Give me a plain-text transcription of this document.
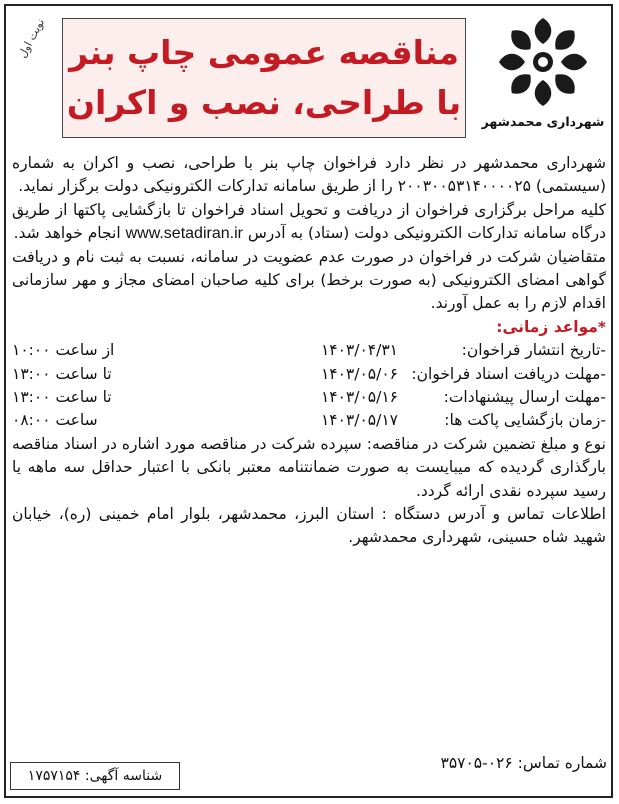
نوبت اول مناقصه عمومی چاپ بنر
با طراحی، نصب و اکران شهرداری محمدشهر

شهرداری محمدشهر در نظر دارد فراخوان چاپ بنر با طراحی، نصب و اکران به شماره (سیستمی) ۲۰۰۳۰۰۵۳۱۴۰۰۰۰۲۵ را از طریق سامانه تدارکات الکترونیکی دولت برگزار نماید.

کلیه مراحل برگزاری فراخوان از دریافت و تحویل اسناد فراخوان تا بازگشایی پاکتها از طریق درگاه سامانه تدارکات الکترونیکی دولت (ستاد) به آدرس www.setadiran.ir انجام خواهد شد.

متقاضیان شرکت در فراخوان در صورت عدم عضویت در سامانه، نسبت به ثبت نام و دریافت گواهی امضای الکترونیکی (به صورت برخط) برای کلیه صاحبان امضای مجاز و مهر سازمانی اقدام لازم را به عمل آورند.

*مواعد زمانی:
-تاریخ انتشار فراخوان:
۱۴۰۳/۰۴/۳۱
از ساعت ۱۰:۰۰
-مهلت دریافت اسناد فراخوان:
۱۴۰۳/۰۵/۰۶
تا ساعت ۱۳:۰۰
-مهلت ارسال پیشنهادات:
۱۴۰۳/۰۵/۱۶
تا ساعت ۱۳:۰۰
-زمان بازگشایی پاکت ها:
۱۴۰۳/۰۵/۱۷
ساعت ۰۸:۰۰

نوع و مبلغ تضمین شرکت در مناقصه: سپرده شرکت در مناقصه مورد اشاره در اسناد مناقصه بارگذاری گردیده که میبایست به صورت ضمانتنامه معتبر بانکی با اعتبار حداقل سه ماهه یا رسید سپرده نقدی ارائه گردد.

اطلاعات تماس و آدرس دستگاه : استان البرز، محمدشهر، بلوار امام خمینی (ره)، خیابان شهید شاه حسینی، شهرداری محمدشهر.

شماره تماس: ۰۲۶-۳۵۷۰۵
شناسه آگهی: ۱۷۵۷۱۵۴
